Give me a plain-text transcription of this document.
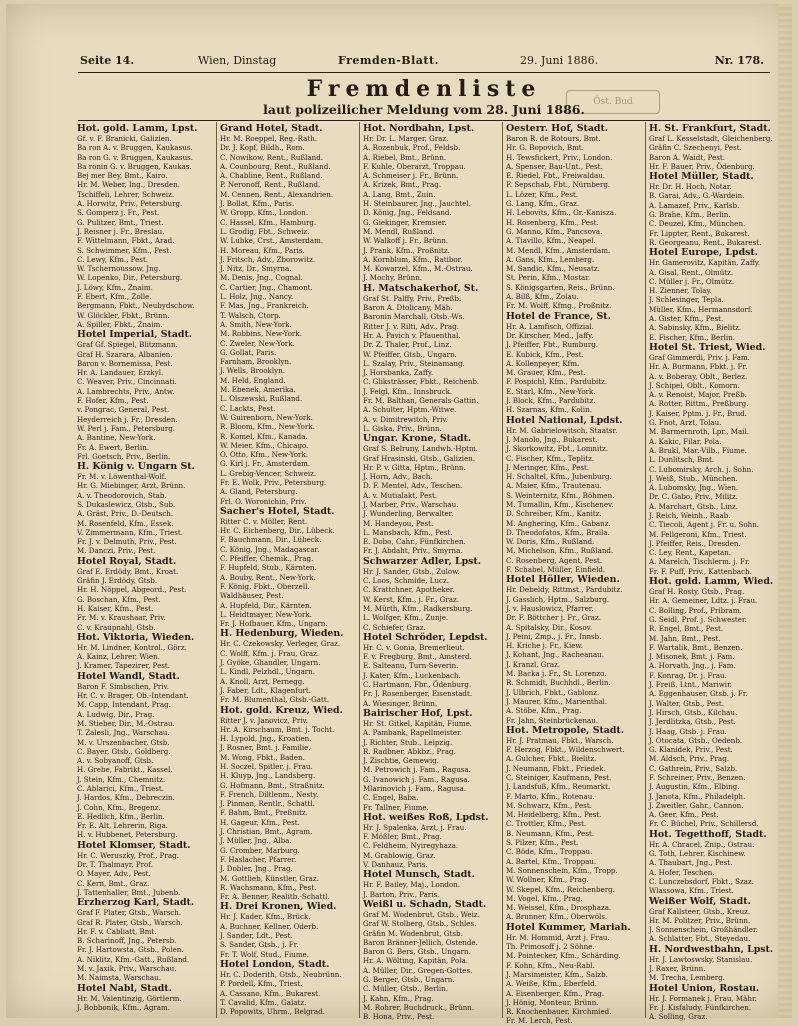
Seite 14.	Wien, Dinstag	Fremden-Blatt.	29. Juni 1886.	Nr. 178.
Fremdenliste
laut polizeilicher Meldung vom 28. Juni 1886. Öst. Bud
Hot. gold. Lamm, Lpst.
Gf. v. F. Branicki, Galizien.
Ba ron A. v. Bruggen, Kaukasus.
Ba ron G. v. Bruggen, Kaukasus.
Ba ronin G. v. Bruggen, Kaukas.
Bej mer Bey, Bmt., Kairo.
Hr. M. Weber, Ing., Dresden.
Tschiffeli, Lehrer, Schweiz.
A. Horwitz, Priv., Petersburg.
S. Gomperz j. Fr., Pest.
G. Pulitzer, Bmt., Triest.
J. Reisner j. Fr., Breslau.
F. Wittelmann, Fbkt., Arad.
S. Schwimmer, Kfm., Pest.
C. Lewy, Kfm., Pest.
W. Tschernoussow, Jng.
W. Lopenko, Dir., Petersburg.
J. Löwy, Kfm., Znaim.
F. Ebert, Kfm., Zolle.
Bergmann, Fbkt., Neubydschow.
W. Glöckler, Fbkt., Brünn.
A. Spiller, Fbkt., Znaim.
Hotel Imperial, Stadt.
Graf Gf. Spiegel, Blitzmann.
Graf H. Szarara, Albanien.
Baron v. Bornemissa, Pest.
Hr. A. Landauer, Erzkyl.
C. Weaver, Priv., Cincinnati.
A. Lambrechts, Priv., Antw.
F. Hofer, Kfm., Pest.
v. Pongrac, General, Pest.
Heyderreich j. Fr., Dresden.
W. Perl j. Fam., Petersburg.
A. Bantine, New-York.
Fr. A. Ewert, Berlin.
Frl. Goetsch, Priv., Berlin.
H. König v. Ungarn St.
Fr. M. v. Löwenthal-Wolf.
Hr. G. Miebinger, Arzt, Brünn.
A. v. Theodorovich, Stab.
S. Dukaslewicz, Gtsb., Sub.
A. Gräst, Priv., D.-Deutsch.
M. Rosenfeld, Kfm., Essek.
V. Zimmermann, Kfm., Triest.
Fr. J. v. Delmuth, Priv., Pest.
M. Danczi, Priv., Pest.
Hotel Royal, Stadt.
Graf E. Erdödy, Bmt., Kroat.
Gräfin J. Erdödy, Gtsb.
Hr. H. Nöppel, Abgeord., Pest.
G. Boschan, Kfm., Pest.
H. Kaiser, Kfm., Pest.
Fr. M. v. Kraushaar, Priv.
C. v. Kraupnahl, Gtsb.
Hot. Viktoria, Wieden.
Hr. M. Lindner, Kontrol., Görz.
A. Kainz, Lehrer, Wien.
J. Kramer, Tapezirer, Pest.
Hotel Wandl, Stadt.
Baron F. Simbschen, Priv.
Hr. C. v. Brager, Ob.-Intendant.
M. Capp, Intendant, Prag.
A. Ludwig, Dir., Prag.
M. Stieber, Dir., M.-Ostrau.
T. Zalesli, Jng., Warschau.
M. v. Urszenbacher, Gtsb.
C. Bayer, Gtsb., Goldberg.
A. v. Sobyanoff, Gtsb.
H. Grebe, Fabrikt., Kassel.
J. Stein, Kfm., Chemnitz.
C. Ablarici, Kfm., Triest.
J. Hardos, Kfm., Debreczin.
J. Cohn, Kfm., Bregenz.
E. Hedlich, Kfm., Berlin.
Fr. E. Alt, Lehrerin, Riga.
H. v. Hubbenet, Petersburg.
Hotel Klomser, Stadt.
Hr. C. Weruszky, Prof., Prag.
Dr. T. Thalmayr, Prof.
O. Mayer, Adv., Pest.
C. Kern, Bmt., Graz.
J. Tattenhaller, Bmt., Jubenb.
Erzherzog Karl, Stadt.
Graf F. Plater, Gtsb., Warsch.
Graf R. Plater, Gtsb., Warsch.
Hr. F. v. Cabliatt, Bmt.
B. Scharinoff, Jng., Petersb.
Fr. J. Hartowsta, Gtsb., Polen.
A. Niklitz, Kfm.-Gatt., Rußland.
M. v. Jaxik, Priv., Warschau.
M. Naimsta, Warschau.
Hotel Nabl, Stadt.
Hr. M. Valentinzig, Görtlerm.
J. Bobbonik, Kfm., Agram.
Grand Hotel, Stadt.
Hr. M. Roeppel, Reg.-Rath.
Dr. J. Kopf, Bildh., Rom.
C. Nowikow, Rent., Rußland.
A. Counbourg, Rent., Rußland.
A. Chabline, Rent., Rußland.
P. Neronoff, Rent., Rußland.
M. Cennen, Rent., Alexandrien.
J. Bollat, Kfm., Paris.
W. Gropp, Kfm., London.
C. Hassel, Kfm., Hamburg.
L. Grodig, Fbt., Schweiz.
W. Lubke, Crst., Amsterdam.
H. Moreau, Kfm., Paris.
J. Fritsch, Adv., Zborowitz.
J. Nitz, Dr., Smyrna.
M. Denis, Jng., Cognal.
C. Cartier, Jng., Chamont.
L. Holz, Jng., Nancy.
F. Mas, Jng., Frankreich.
T. Walsch, Ctorp.
A. Smith, New-York.
M. Robbins, New-York.
C. Zweler, New-York.
G. Gollat, Paris.
Farnham, Brooklyn.
J. Wells, Brooklyn.
M. Held, England.
M. Ebenek, Amerika.
L. Olszewski, Rußland.
C. Lackts, Pest.
W. Guirenborn, New-York.
R. Bloom, Kfm., New-York.
R. Komel, Kfm., Kanada.
W. Meier, Kfm., Chicago.
O. Otto, Kfm., New-York.
G. Kirl j. Fr., Amsterdam.
L. Grebig-Vencer, Schweiz.
Fr. E. Wolk, Priv., Petersburg.
A. Gland, Petersburg.
Frl. O. Woronichin, Priv.
Sacher's Hotel, Stadt.
Ritter C. v. Möller, Rent.
Hr. C. Eichenberg, Dir., Lübeck.
F. Bauchmann, Dir., Lübeck.
C. König, Jng., Madagascar.
C. Pfeiffer, Chemik., Prag.
F. Hupfeld, Stub., Kärnten.
A. Bouby, Rent., New-York.
F. König, Fbkt., Oberzell.
Waldhäuser, Pest.
A. Hupfeld, Dir., Kärnten.
L. Heidtmayer, New-York.
Fr. J. Hofbauer, Kfm., Ungarn.
H. Hedenburg, Wieden.
Hr. C. Czekowsky, Verleger, Graz.
C. Wolff, Kfm. j. Frau, Graz.
J. Gyöke, Ghandler, Ungarn.
L. Kindl, Pelzhdl., Ungarn.
A. Knoll, Arzt, Pernegg.
J. Faber, Ldt., Klagenfurt.
Fr. M. Blumenthal, Gtsb.-Gatt.
Hot. gold. Kreuz, Wied.
Ritter J. v. Janovicz, Priv.
Hr. A. Kirschaum, Bmt. j. Tocht.
H. Lypold, Jng., Kroatien.
J. Rosner, Bmt. j. Familie.
M. Wong, Fbkt., Baden.
H. Soczel, Spitler, j. Frau.
H. Kluyp, Jng., Landsberg.
G. Hofmann, Bmt., Straßnitz.
F. French, Diltlenm., Nesty.
J. Pinman, Rentlr., Schattl.
F. Bahm, Bmt., Preßnitz.
H. Gageur, Kfm., Pest.
J. Christian, Bmt., Agram.
J. Müller, Jng., Alba.
G. Cromber, Marburg.
F. Haslacher, Pfarrer.
J. Dobler, Jng., Prag.
M. Gottlieb, Künstler, Graz.
R. Wachsmann, Kfm., Pest.
Fr. A. Benner, Realitb.-Schattl.
H. Drei Kronen, Wied.
Hr. J. Kader, Kfm., Brück.
A. Buchner, Kellner, Oderb.
J. Sander, Ldt., Pest.
S. Sander, Gtsb., j. Fr.
Fr. T. Wolf, Stud., Fiume.
Hotel London, Stadt.
Hr. C. Doderith, Gtsb., Neubrünn.
P. Pordell, Kfm., Triest.
A. Cassano, Kfm., Bukarest.
T. Cavalid, Kfm., Galatz.
D. Popowits, Uhrm., Belgrad.
Hot. Nordbahn, Lpst.
Hr. Dr. L. Marger, Graz.
A. Rozenbuk, Prof., Feldsb.
A. Riebel, Bmt., Brünn.
F. Kuhle, Oberarzt, Troppau.
A. Schmeiser j. Fr., Brünn.
A. Krizek, Bmt., Prag.
A. Lang, Bmt., Zuin.
H. Steinbaurer, Jng., Jauchtel.
D. König, Jng., Feldsand.
G. Giekinger, Kremsier.
M. Mendl, Rußland.
W. Walkoff j. Fr., Brünn.
J. Prank, Kfm., Proßnitz.
A. Kornblum, Kfm., Ratibor.
M. Kowarzel, Kfm., M.-Ostrau.
J. Mochy, Brünn.
H. Matschakerhof, St.
Graf St. Palffy, Priv., Preßb.
Baron A. Dtolicany, Mäh.
Baronin Marchall, Gtsb.-Ws.
Ritter J. v. Rilti, Adv., Prag.
Hr. A. Pavich v. Pfauenthal.
Dr. Z. Thaler, Prof., Linz.
W. Pfeiffer, Gtsb., Ungarn.
L. Szalay, Priv., Steinamang.
J. Horsbanka, Zaffy.
C. Gliksträsser, Fbkt., Reichenb.
J. Feigl, Kfm., Innsbruck.
Fr. M. Balthan, Generals-Gattin.
A. Schulter, Hptm.-Witwe.
A. v. Dimitrewitch, Priv.
L. Giska, Priv., Brünn.
Ungar. Krone, Stadt.
Graf S. Belruny, Landwb.-Hptm.
Graf Hrasinski, Gtsb., Galizien.
Hr. P. v. Gitta, Hptm., Brünn.
J. Horn, Adv., Bach.
D. F. Mentel, Adv., Teschen.
A. v. Mutialakt, Pest.
J. Marber, Priv., Warschau.
J. Wunderling, Berwalter.
M. Handeyou, Pest.
L. Mansbach, Kfm., Pest.
E. Dobo, Cahr., Fünfkirchen.
Fr. J. Abdaht, Priv., Smyrna.
Schwarzer Adler, Lpst.
Hr. J. Sander, Gtsb., Zulow.
C. Loos, Schmide, Lucz.
C. Krattchner, Apotheker.
W. Kerst, Kfm., j. Fr., Graz.
M. Mürth, Kfm., Radkersburg.
L. Wolfger, Kfm., Zunje.
C. Schiefer, Graz.
Hotel Schröder, Lepdst.
Hr. C. v. Gonia, Bremerlieut.
F. v. Fregburg, Bmt., Amsterd.
E. Salteanu, Turn-Severin.
J. Kater, Kfm., Luckenbach.
C. Hartmann, Fbr., Ödenburg.
Fr. J. Rosenberger, Eisenstadt.
A. Wiesinger, Brünn.
Bairischer Hof, Lpst.
Hr. St. Gitkel, Kapitän, Fiume.
A. Pambank, Rapellmeister.
J. Richter, Stub., Leipzig.
R. Radbner, Abkbz., Prag.
J. Zischtie, Gemewig.
M. Petrowich j. Fam., Ragusa.
G. Ivanowich j. Fam., Ragusa.
Mlarinovich j. Fam., Ragusa.
C. Engel, Baba.
Fr. Tallner, Fiume.
Hot. weißes Roß, Lpdst.
Hr. J. Spalenka, Arzt, j. Frau.
F. Mößler, Bmt., Prag.
C. Feldheim, Nyiregyhaza.
M. Grablowig, Graz.
V. Danhauz, Paris.
Hotel Munsch, Stadt.
Hr. F. Bailey, Maj., London.
J. Barton, Priv., Paris.
Weißl u. Schadn, Stadt.
Graf M. Wodenbrut, Gtsb., Weiz.
Graf W. Stolberg, Gtsb., Schles.
Gräfin M. Wodenbrut, Gtsb.
Baron Bränner-Jellich, Ostende.
Baron G. Bers, Gtsb., Ungarn.
Hr. A. Wölting, Kapitän, Pola.
A. Müller, Dir., Gregen-Gottes.
G. Berger, Gtsb., Ungarn.
C. Müller, Gtsb., Berlin.
J. Kahn, Kfm., Prag.
M. Rohrer, Buchdruck., Brünn.
B. Hona, Priv., Pest.
Oesterr. Hof, Stadt.
Baron R. de Rotours, Bmt.
Hr. G. Bopovich, Bmt.
H. Tewsfickert, Priv., London.
A. Spenser, Bau-Unt., Pest.
E. Riedel, Fbt., Freiwaldau.
F. Sepschab, Fbt., Nürnberg.
L. Lözer, Kfm., Pest.
G. Lang, Kfm., Graz.
H. Lebovits, Kfm., Gr.-Kanisza.
H. Rosenberg, Kfm., Pest.
G. Manno, Kfm., Pancsova.
A. Tiavillo, Kfm., Neapel.
M. Mendl, Kfm., Amsterdam.
A. Gans, Kfm., Lemberg.
M. Sandic, Kfm., Neusatz.
St. Perin, Kfm., Mostar.
S. Königsgarten, Reis., Brünn.
A. Bilß, Kfm., Zolau.
Fr. M. Wolff, Kfmg., Proßnitz.
Hotel de France, St.
Hr. A. Lamfisch, Offizial.
Dr. Kirscher, Med., Jaffy.
J. Pfeiffer, Fbt., Rumburg.
E. Kubick, Kfm., Pest.
A. Kollenpeyer, Kfm.
M. Grauer, Kfm., Pest.
F. Pospichl, Kfm., Pardubitz.
E. Starl, Kfm., New-York.
J. Block, Kfm., Pardubitz.
H. Szarnas, Kfm., Kolin.
Hotel National, Lpdst.
Hr. M. Gabrielowitsch, Staatsr.
J. Manolo, Jng., Bukarest.
J. Skorkowitz, Fbt., Lomnitz.
C. Fischer, Kfm., Teplitz.
J. Meringer, Kfm., Pest.
H. Schaltel, Kfm., Jubenburg.
A. Maier, Kfm., Trautenau.
S. Weinternitz, Kfm., Böhmen.
M. Tumallin, Kfm., Kischenev.
D. Schreiber, Kfm., Kanitz.
M. Anghering, Kfm., Gabanz.
D. Theodofatos, Kfm., Braila.
W. Doris, Kfm., Rußland.
M. Michelson, Kfm., Rußland.
C. Rosenberg, Agent, Pest.
F. Schabel, Müller, Einfield.
Hotel Höller, Wieden.
Hr. Debeldy, Rittmst., Pardubitz.
J. Gasslich, Hptm., Salzburg.
J. v. Hauslowicz, Pfarrer.
Dr. F. Böttcher j. Fr., Graz.
A. Spitalsky, Dir., Kosov.
J. Peini, Zmp., j. Fr., Innsb.
H. Kriche j. Fr., Kiew.
J. Kohant, Jng., Racheanau.
J. Kranzl, Graz.
M. Backa j. Fr., St. Lorenzo.
R. Schmidt, Buchhdl., Berlin.
J. Ulbrich, Fbkt., Gablonz.
J. Maurer, Kfm., Marienthal.
A. Stöbe, Kfm., Prag.
Fr. Jahn, Steinbrückenau.
Hot. Metropole, Stadt.
Hr. J. Pratmau, Fbkt., Warsch.
F. Herzog, Fbkt., Wildenschwert.
A. Gulcher, Fbkt., Bielitz.
J. Neumann, Fbkt., Friedek.
C. Steiniger, Kaufmann, Pest.
J. Landsfuß, Kfm., Reumarkt.
F. Marto, Kfm., Rotenau.
M. Schwarz, Kfm., Pest.
M. Heidelberg, Kfm., Pest.
C. Trottler, Kfm., Pest.
B. Neumann, Kfm., Pest.
S. Pilzer, Kfm., Pest.
C. Böde, Kfm., Troppau.
A. Bartel, Kfm., Troppau.
M. Sonnenschein, Kfm., Tropp.
W. Wollner, Kfm., Prag.
W. Skepel, Kfm., Reichenberg.
M. Vogel, Kfm., Prag.
M. Weissel, Kfm., Drosphaza.
A. Brunner, Kfm., Oberwöls.
Hotel Kummer, Mariah.
Hr. M. Hommid, Arzt j. Frau.
Th. Primosoff j. 2 Söhne.
M. Pointecker, Kfm., Schärding.
F. Kohn, Kfm., Neu-Rabl.
J. Marsimeister, Kfm., Salzb.
A. Weiße, Kfm., Eberfeld.
A. Eisenberger, Kfm., Prag.
J. Hönig, Monteur, Brünn.
R. Knochenbauer, Kirchmied.
Fr. M. Lerch, Pest.
H. St. Frankfurt, Stadt.
Graf L. Kesselstadt, Gleichenberg.
Gräfin C. Szechenyi, Pest.
Baron A. Waidt, Pest.
Hr. F. Bauer, Priv., Ödenburg.
Hotel Müller, Stadt.
Hr. Dr. H. Hoch, Notar.
B. Garai, Adv., G.-Wardein.
A. Lamazef, Priv., Karlsb.
G. Brahe, Kfm., Berlin.
C. Deuzel, Kfm., München.
Fr. Lippter, Rent., Bukarest.
R. Georgeanu, Rent., Bukarest.
Hotel Europe, Lpdst.
Hr. Gamerovitz, Kapitän, Zaffy.
A. Gisal, Rent., Olmütz.
C. Müller j. Fr., Olmütz.
H. Zienner, Tolay.
J. Schlesinger, Tepla.
Müller, Kfm., Hermannsdorf.
A. Gister, Kfm., Pest.
A. Sabinsky, Kfm., Bielitz.
E. Fischer, Kfm., Berlin.
Hotel St. Triest, Wied.
Graf Gimmerdi, Priv. j. Fam.
Hr. A. Burmann, Fbkt. j. Fr.
A. v. Boberay, Oblt., Berlez.
J. Schipel, Oblt., Komorn.
A. v. Renoist, Major, Preßb.
A. Rotter, Rittm., Preßburg.
J. Kaiser, Pptm. j. Fr., Brud.
G. Fnot, Arzt, Tolau.
M. Barmernroth, Lpr., Mail.
A. Kakic, Filar, Pola.
A. Brukl, Mar.-Vilb., Fiume.
L. Dunlitsch, Bmt.
C. Lubomirsky, Arch. j. Sohn.
J. Weiß, Stub., München.
A. Lubomsky, Jng., Wien.
Dr. C. Gabo, Priv., Militz.
A. Marchart, Gtsb., Linz.
J. Reich, Weinh., Raab.
C. Tiecoli, Agent j. Fr. u. Sohn.
M. Fellgeroni, Kfm., Triest.
J. Pfeiffer, Reis., Dresden.
C. Ley, Rent., Kapetan.
A. Marelch, Tischlerm. j. Fr.
Fr. F. Puff, Priv., Kattenbach.
Hot. gold. Lamm, Wied.
Graf H. Rosty, Gtsb., Prag.
Hr. A. Gemeiner, Ldtz. j. Frau.
C. Bolling, Prof., Pribram.
G. Seidl, Prof. j. Schwester.
R. Engel, Bmt., Pest.
M. Jahn, Bmt., Pest.
F. Wartalik, Bmt., Benzen.
J. Misonek, Bmt. j. Fam.
A. Horvath, Jng., j. Fam.
F. Konrag, Dr. j. Frau.
J. Freiß, Ltnt., Mariwir.
A. Eggenhauser, Gtsb. j. Fr.
J. Walter, Gtsb., Pest.
J. Hirsch, Gtsb., Kilchau.
J. Jerdlitzka, Gtsb., Pest.
J. Haag, Gtsb. j. Frau.
J. Otocata, Gtsb., Oedenb.
G. Klanidek, Priv., Pest.
M. Aldsch, Priv., Prag.
C. Gathrein, Priv., Salzb.
F. Schreiner, Priv., Benzen.
J. Augustin, Kfm., Elbing.
J. Janota, Kfm., Philadelph.
J. Zweitler, Gahr., Cannon.
A. Geer, Kfm., Pest.
Fr. C. Büchel, Priv., Schillersd.
Hot. Tegetthoff, Stadt.
Hr. A. Chracel, Znip., Ostrau.
G. Toth, Lehrer, Kischinew.
A. Thaubart, Jng., Pest.
A. Hofer, Teschen.
C. Lunczebsdorf, Fbkt., Szaz.
Wlassowa, Kfm., Triest.
Weißer Wolf, Stadt.
Graf Kallsteer, Gtsb., Kreuz.
Hr. M. Politzer, Priv., Brünn.
J. Sonnenschein, Großhändler.
A. Schlatter, Fbt., Steyedau.
H. Nordwestbahn, Lpst.
Hr. J. Lawtoswsky, Stanislau.
J. Raxer, Brünn.
M. Trecha, Lemberg.
Hotel Union, Rostau.
Hr. J. Formanek j. Frau, Mähr.
Fr. J. Kisfaludy, Fünfkirchen.
A. Solling, Graz.
